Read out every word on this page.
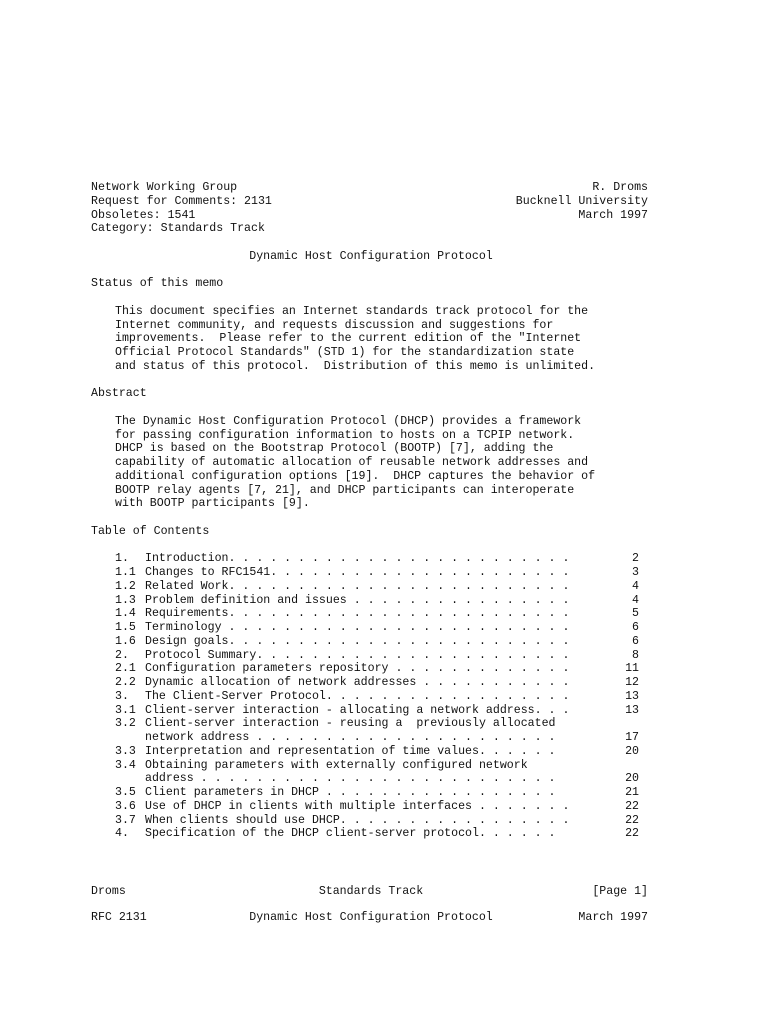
Network Working Group

	R. Droms

Request for Comments: 2131

	Bucknell University

Obsoletes: 1541

	March 1997

Category: Standards Track

Dynamic Host Configuration Protocol
Status of this memo
This document specifies an Internet standards track protocol for the
Internet community, and requests discussion and suggestions for
improvements.  Please refer to the current edition of the "Internet
Official Protocol Standards" (STD 1) for the standardization state
and status of this protocol.  Distribution of this memo is unlimited.
Abstract
The Dynamic Host Configuration Protocol (DHCP) provides a framework
for passing configuration information to hosts on a TCPIP network.
DHCP is based on the Bootstrap Protocol (BOOTP) [7], adding the
capability of automatic allocation of reusable network addresses and
additional configuration options [19].  DHCP captures the behavior of
BOOTP relay agents [7, 21], and DHCP participants can interoperate
with BOOTP participants [9].
Table of Contents
1. Introduction. . . . . . . . . . . . . . . . . . . . . . . . .	2
1.1 Changes to RFC1541. . . . . . . . . . . . . . . . . . . . . .	3
1.2 Related Work. . . . . . . . . . . . . . . . . . . . . . . . .	4
1.3 Problem definition and issues . . . . . . . . . . . . . . . .	4
1.4 Requirements. . . . . . . . . . . . . . . . . . . . . . . . .	5
1.5 Terminology . . . . . . . . . . . . . . . . . . . . . . . . .	6
1.6 Design goals. . . . . . . . . . . . . . . . . . . . . . . . .	6
2. Protocol Summary. . . . . . . . . . . . . . . . . . . . . . .	8
2.1 Configuration parameters repository . . . . . . . . . . . . .	11
2.2 Dynamic allocation of network addresses . . . . . . . . . . .	12
3. The Client-Server Protocol. . . . . . . . . . . . . . . . . .	13
3.1 Client-server interaction - allocating a network address. . .	13
3.2 Client-server interaction - reusing a  previously allocated
network address . . . . . . . . . . . . . . . . . . . . . .	17
3.3 Interpretation and representation of time values. . . . . .	20
3.4 Obtaining parameters with externally configured network
address . . . . . . . . . . . . . . . . . . . . . . . . . .	20
3.5 Client parameters in DHCP . . . . . . . . . . . . . . . . .	21
3.6 Use of DHCP in clients with multiple interfaces . . . . . . .	22
3.7 When clients should use DHCP. . . . . . . . . . . . . . . . .	22
4. Specification of the DHCP client-server protocol. . . . . .	22
Droms	Standards Track	[Page 1]
RFC 2131	Dynamic Host Configuration Protocol	March 1997
